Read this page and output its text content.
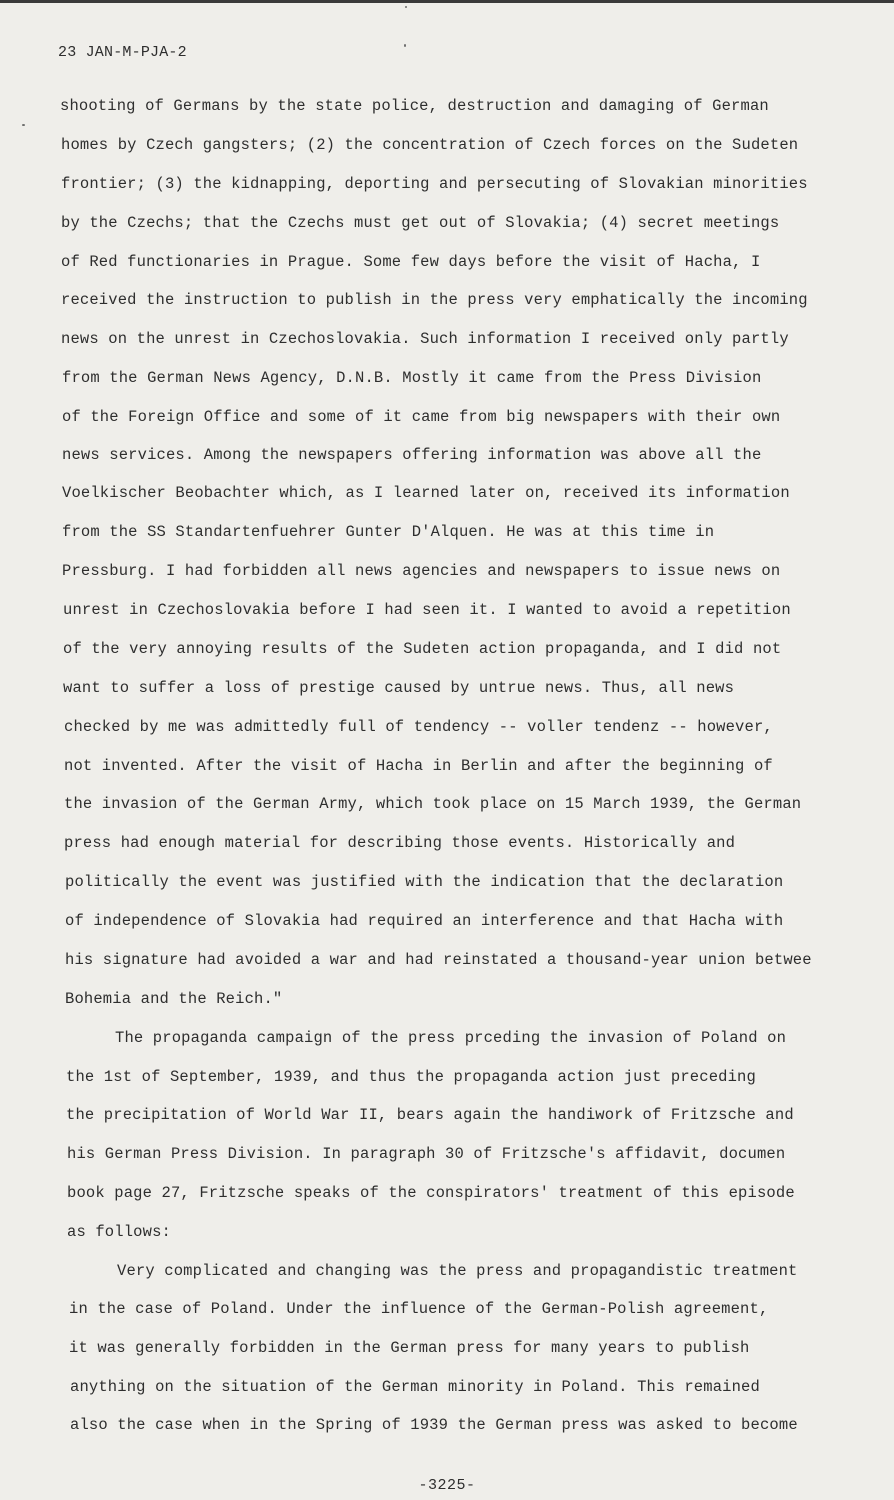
23 JAN-M-PJA-2
shooting of Germans by the state police, destruction and damaging of German
homes by Czech gangsters; (2) the concentration of Czech forces on the Sudeten
frontier; (3) the kidnapping, deporting and persecuting of Slovakian minorities
by the Czechs; that the Czechs must get out of Slovakia; (4) secret meetings
of Red functionaries in Prague. Some few days before the visit of Hacha, I
received the instruction to publish in the press very emphatically the incoming
news on the unrest in Czechoslovakia. Such information I received only partly
from the German News Agency, D.N.B. Mostly it came from the Press Division
of the Foreign Office and some of it came from big newspapers with their own
news services. Among the newspapers offering information was above all the
Voelkischer Beobachter which, as I learned later on, received its information
from the SS Standartenfuehrer Gunter D'Alquen. He was at this time in
Pressburg. I had forbidden all news agencies and newspapers to issue news on
unrest in Czechoslovakia before I had seen it. I wanted to avoid a repetition
of the very annoying results of the Sudeten action propaganda, and I did not
want to suffer a loss of prestige caused by untrue news. Thus, all news
checked by me was admittedly full of tendency -- voller tendenz -- however,
not invented. After the visit of Hacha in Berlin and after the beginning of
the invasion of the German Army, which took place on 15 March 1939, the German
press had enough material for describing those events. Historically and
politically the event was justified with the indication that the declaration
of independence of Slovakia had required an interference and that Hacha with
his signature had avoided a war and had reinstated a thousand-year union betwee
Bohemia and the Reich."
The propaganda campaign of the press prceding the invasion of Poland on
the 1st of September, 1939, and thus the propaganda action just preceding
the precipitation of World War II, bears again the handiwork of Fritzsche and
his German Press Division. In paragraph 30 of Fritzsche's affidavit, documen
book page 27, Fritzsche speaks of the conspirators' treatment of this episode
as follows:
Very complicated and changing was the press and propagandistic treatment
in the case of Poland. Under the influence of the German-Polish agreement,
it was generally forbidden in the German press for many years to publish
anything on the situation of the German minority in Poland. This remained
also the case when in the Spring of 1939 the German press was asked to become
-3225-
